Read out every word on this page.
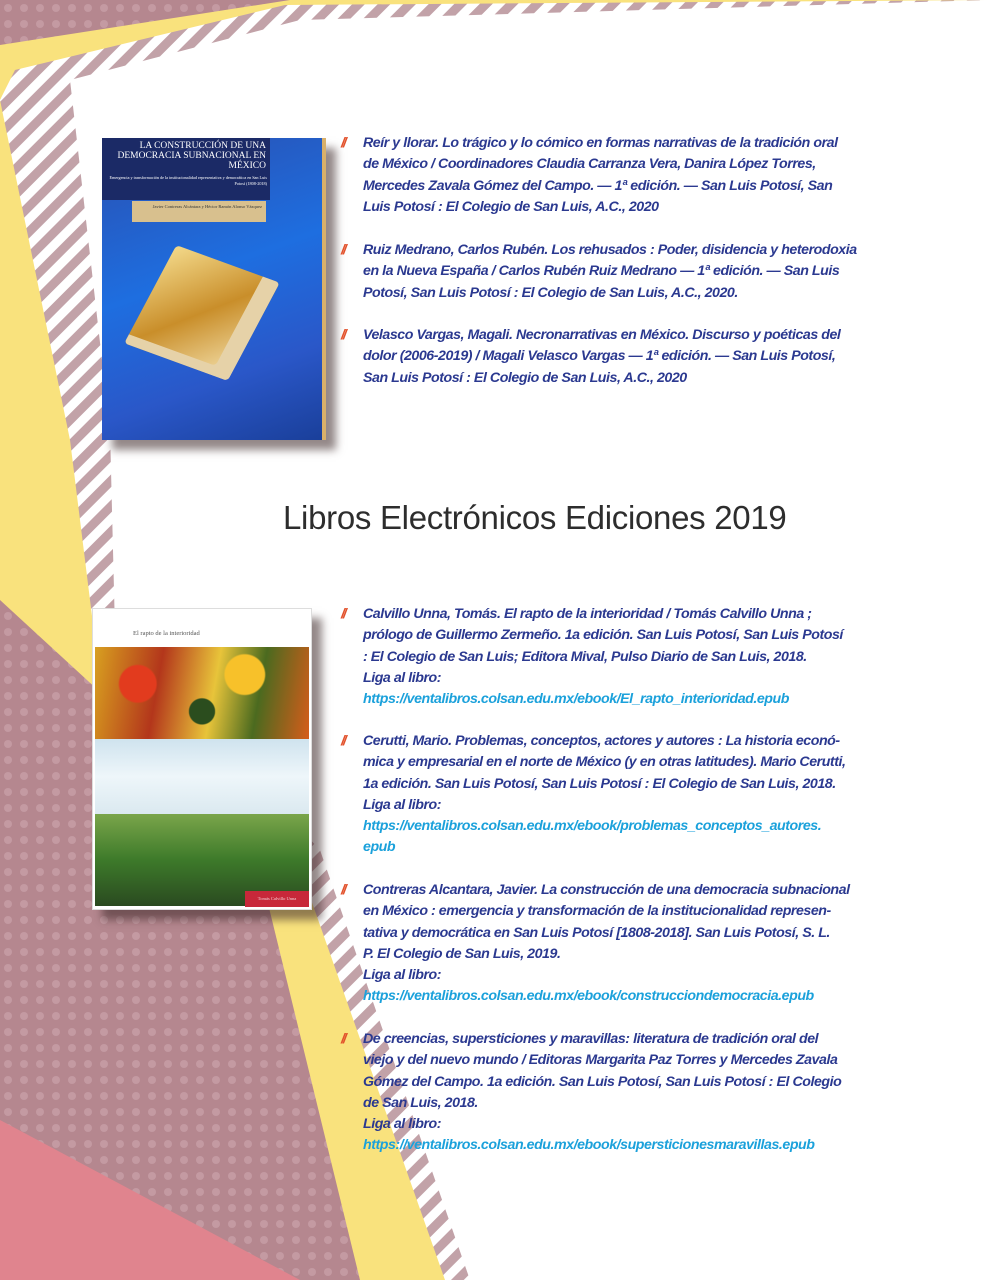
LA CONSTRUCCIÓN DE UNA DEMOCRACIA SUBNACIONAL EN MÉXICO
Emergencia y transformación de la institucionalidad representativa y democrática en San Luis Potosí (1808-2018)
Javier Contreras Alcántara y Héctor Ramón Alonso Vázquez
El rapto de la interioridad
Tomás Calvillo Unna
// Reír y llorar. Lo trágico y lo cómico en formas narrativas de la tradición oral
de México / Coordinadores Claudia Carranza Vera, Danira López Torres,
Mercedes Zavala Gómez del Campo. — 1ª edición. — San Luis Potosí, San
Luis Potosí : El Colegio de San Luis, A.C., 2020
// Ruiz Medrano, Carlos Rubén. Los rehusados : Poder, disidencia y heterodoxia
en la Nueva España / Carlos Rubén Ruiz Medrano — 1ª edición. — San Luis
Potosí, San Luis Potosí : El Colegio de San Luis, A.C., 2020.
// Velasco Vargas, Magali. Necronarrativas en México. Discurso y poéticas del
dolor (2006-2019) / Magali Velasco Vargas — 1ª edición. — San Luis Potosí,
San Luis Potosí : El Colegio de San Luis, A.C., 2020
// Calvillo Unna, Tomás. El rapto de la interioridad / Tomás Calvillo Unna ;
prólogo de Guillermo Zermeño. 1a edición. San Luis Potosí, San Luis Potosí
: El Colegio de San Luis; Editora Mival, Pulso Diario de San Luis, 2018.
Liga al libro:
https://ventalibros.colsan.edu.mx/ebook/El_rapto_interioridad.epub
// Cerutti, Mario. Problemas, conceptos, actores y autores : La historia econó-
mica y empresarial en el norte de México (y en otras latitudes). Mario Cerutti,
1a edición. San Luis Potosí, San Luis Potosí : El Colegio de San Luis, 2018.
Liga al libro:
https://ventalibros.colsan.edu.mx/ebook/problemas_conceptos_autores.
epub
// Contreras Alcantara, Javier. La construcción de una democracia subnacional
en México : emergencia y transformación de la institucionalidad represen-
tativa y democrática en San Luis Potosí [1808-2018]. San Luis Potosí, S. L.
P. El Colegio de San Luis, 2019.
Liga al libro:
https://ventalibros.colsan.edu.mx/ebook/construcciondemocracia.epub
// De creencias, supersticiones y maravillas: literatura de tradición oral del
viejo y del nuevo mundo / Editoras Margarita Paz Torres y Mercedes Zavala
Gómez del Campo. 1a edición. San Luis Potosí, San Luis Potosí : El Colegio
de San Luis, 2018.
Liga al libro:
https://ventalibros.colsan.edu.mx/ebook/supersticionesmaravillas.epub
Libros Electrónicos Ediciones 2019
